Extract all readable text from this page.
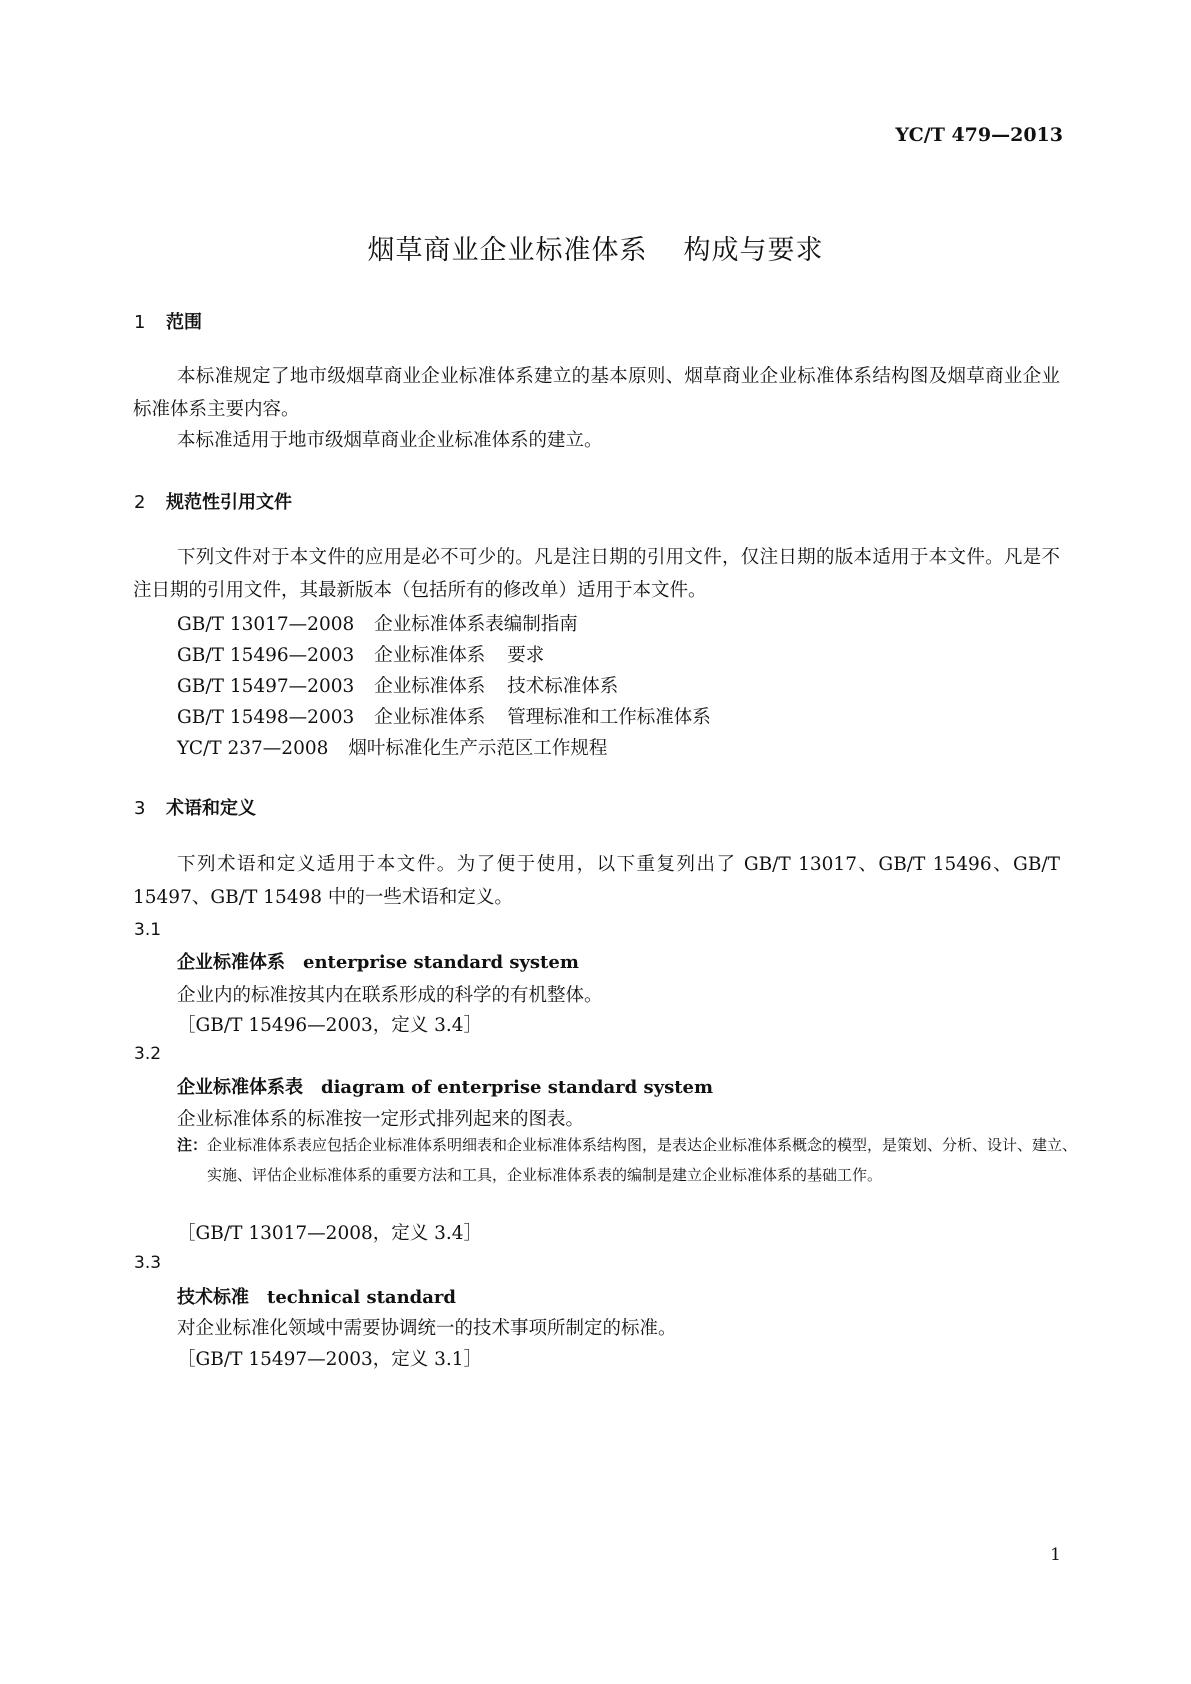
YC/T 479—2013
烟草商业企业标准体系 构成与要求
1 范围
本标准规定了地市级烟草商业企业标准体系建立的基本原则、烟草商业企业标准体系结构图及烟草商业企业标准体系主要内容。
本标准适用于地市级烟草商业企业标准体系的建立。
2 规范性引用文件
下列文件对于本文件的应用是必不可少的。凡是注日期的引用文件，仅注日期的版本适用于本文件。凡是不注日期的引用文件，其最新版本（包括所有的修改单）适用于本文件。
GB/T 13017—2008 企业标准体系表编制指南
GB/T 15496—2003 企业标准体系 要求
GB/T 15497—2003 企业标准体系 技术标准体系
GB/T 15498—2003 企业标准体系 管理标准和工作标准体系
YC/T 237—2008 烟叶标准化生产示范区工作规程
3 术语和定义
下列术语和定义适用于本文件。为了便于使用，以下重复列出了 GB/T 13017、GB/T 15496、GB/T 15497、GB/T 15498 中的一些术语和定义。
3.1
企业标准体系 enterprise standard system
企业内的标准按其内在联系形成的科学的有机整体。
［GB/T 15496—2003，定义 3.4］
3.2
企业标准体系表 diagram of enterprise standard system
企业标准体系的标准按一定形式排列起来的图表。
注：企业标准体系表应包括企业标准体系明细表和企业标准体系结构图，是表达企业标准体系概念的模型，是策划、分析、设计、建立、实施、评估企业标准体系的重要方法和工具，企业标准体系表的编制是建立企业标准体系的基础工作。
［GB/T 13017—2008，定义 3.4］
3.3
技术标准 technical standard
对企业标准化领域中需要协调统一的技术事项所制定的标准。
［GB/T 15497—2003，定义 3.1］
1
